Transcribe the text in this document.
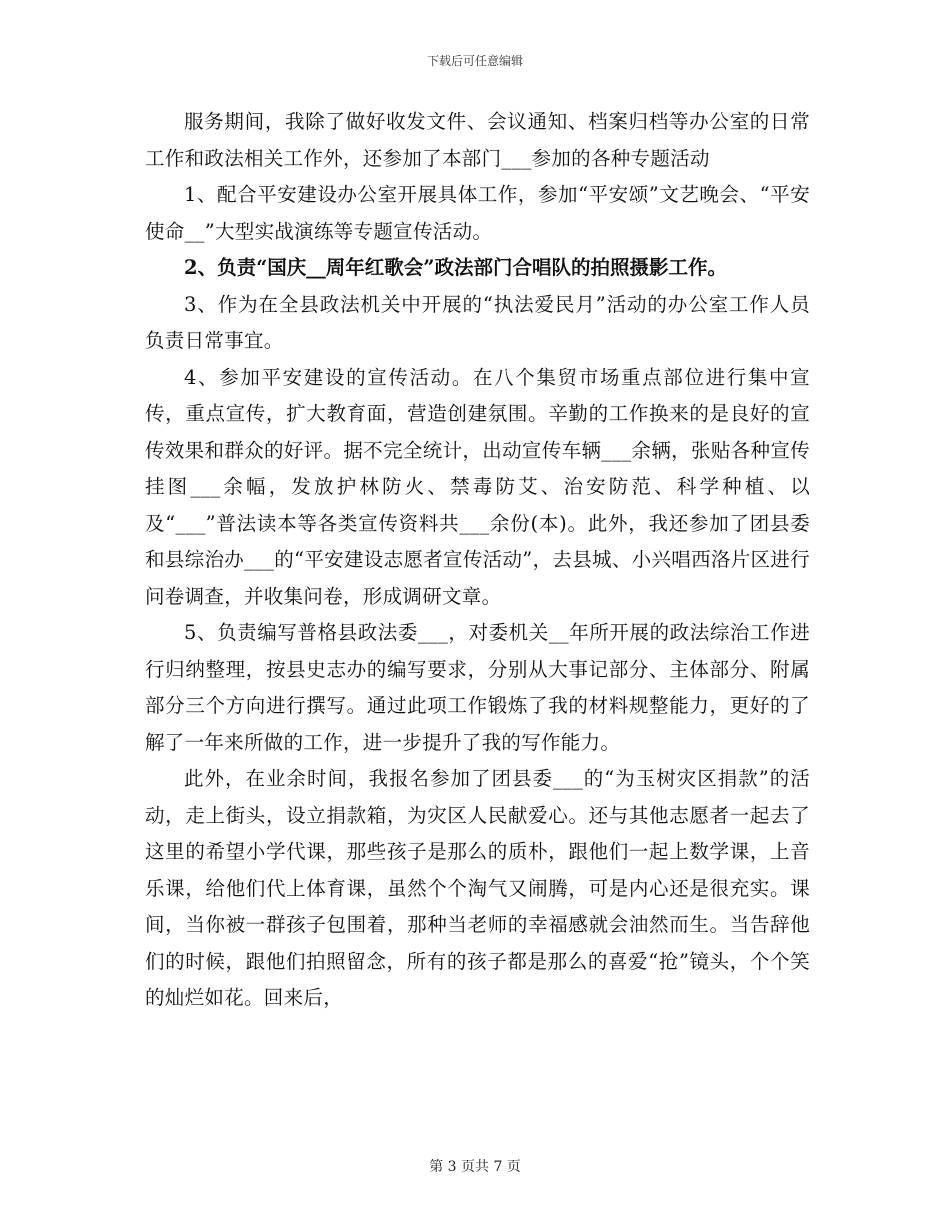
下载后可任意编辑

服务期间，我除了做好收发文件、会议通知、档案归档等办公室的日常工作和政法相关工作外，还参加了本部门___参加的各种专题活动

1、配合平安建设办公室开展具体工作，参加“平安颂”文艺晚会、“平安使命__”大型实战演练等专题宣传活动。

2、负责“国庆__周年红歌会”政法部门合唱队的拍照摄影工作。

3、作为在全县政法机关中开展的“执法爱民月”活动的办公室工作人员负责日常事宜。

4、参加平安建设的宣传活动。在八个集贸市场重点部位进行集中宣传，重点宣传，扩大教育面，营造创建氛围。辛勤的工作换来的是良好的宣传效果和群众的好评。据不完全统计，出动宣传车辆___余辆，张贴各种宣传挂图___余幅，发放护林防火、禁毒防艾、治安防范、科学种植、以及“___”普法读本等各类宣传资料共___余份(本)。此外，我还参加了团县委和县综治办___的“平安建设志愿者宣传活动”，去县城、小兴唱西洛片区进行问卷调查，并收集问卷，形成调研文章。

5、负责编写普格县政法委___，对委机关__年所开展的政法综治工作进行归纳整理，按县史志办的编写要求，分别从大事记部分、主体部分、附属部分三个方向进行撰写。通过此项工作锻炼了我的材料规整能力，更好的了解了一年来所做的工作，进一步提升了我的写作能力。

此外，在业余时间，我报名参加了团县委___的“为玉树灾区捐款”的活动，走上街头，设立捐款箱，为灾区人民献爱心。还与其他志愿者一起去了这里的希望小学代课，那些孩子是那么的质朴，跟他们一起上数学课，上音乐课，给他们代上体育课，虽然个个淘气又闹腾，可是内心还是很充实。课间，当你被一群孩子包围着，那种当老师的幸福感就会油然而生。当告辞他们的时候，跟他们拍照留念，所有的孩子都是那么的喜爱“抢”镜头，个个笑的灿烂如花。回来后，

第 3 页共 7 页
